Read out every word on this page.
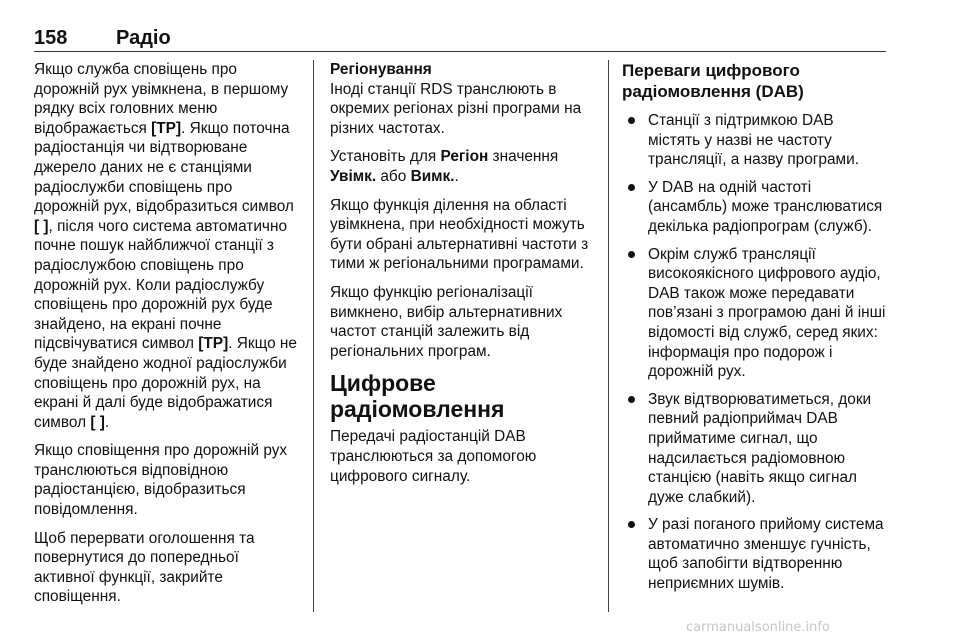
158	Радіо

Якщо служба сповіщень про дорожній рух увімкнена, в першому рядку всіх головних меню відображається [TP]. Якщо поточна радіостанція чи відтворюване джерело даних не є станціями радіослужби сповіщень про дорожній рух, відобразиться символ [ ], після чого система автоматично почне пошук найближчої станції з радіослужбою сповіщень про дорожній рух. Коли радіослужбу сповіщень про дорожній рух буде знайдено, на екрані почне підсвічуватися символ [TP]. Якщо не буде знайдено жодної радіослужби сповіщень про дорожній рух, на екрані й далі буде відображатися символ [ ].

Якщо сповіщення про дорожній рух транслюються відповідною радіостанцією, відобразиться повідомлення.

Щоб перервати оголошення та повернутися до попередньої активної функції, закрийте сповіщення.

Регіонування

Іноді станції RDS транслюють в окремих регіонах різні програми на різних частотах.

Установіть для Регіон значення Увімк. або Вимк..

Якщо функція ділення на області увімкнена, при необхідності можуть бути обрані альтернативні частоти з тими ж регіональними програмами.

Якщо функцію регіоналізації вимкнено, вибір альтернативних частот станцій залежить від регіональних програм.

Цифрове радіомовлення

Передачі радіостанцій DAB транслюються за допомогою цифрового сигналу.

Переваги цифрового радіомовлення (DAB)
Станції з підтримкою DAB містять у назві не частоту трансляції, а назву програми.
У DAB на одній частоті (ансамбль) може транслюватися декілька радіопрограм (служб).
Окрім служб трансляції високоякісного цифрового аудіо, DAB також може передавати пов’язані з програмою дані й інші відомості від служб, серед яких: інформація про подорож і дорожній рух.
Звук відтворюватиметься, доки певний радіоприймач DAB прийматиме сигнал, що надсилається радіомовною станцією (навіть якщо сигнал дуже слабкий).
У разі поганого прийому система автоматично зменшує гучність, щоб запобігти відтворенню неприємних шумів.
carmanualsonline.info
